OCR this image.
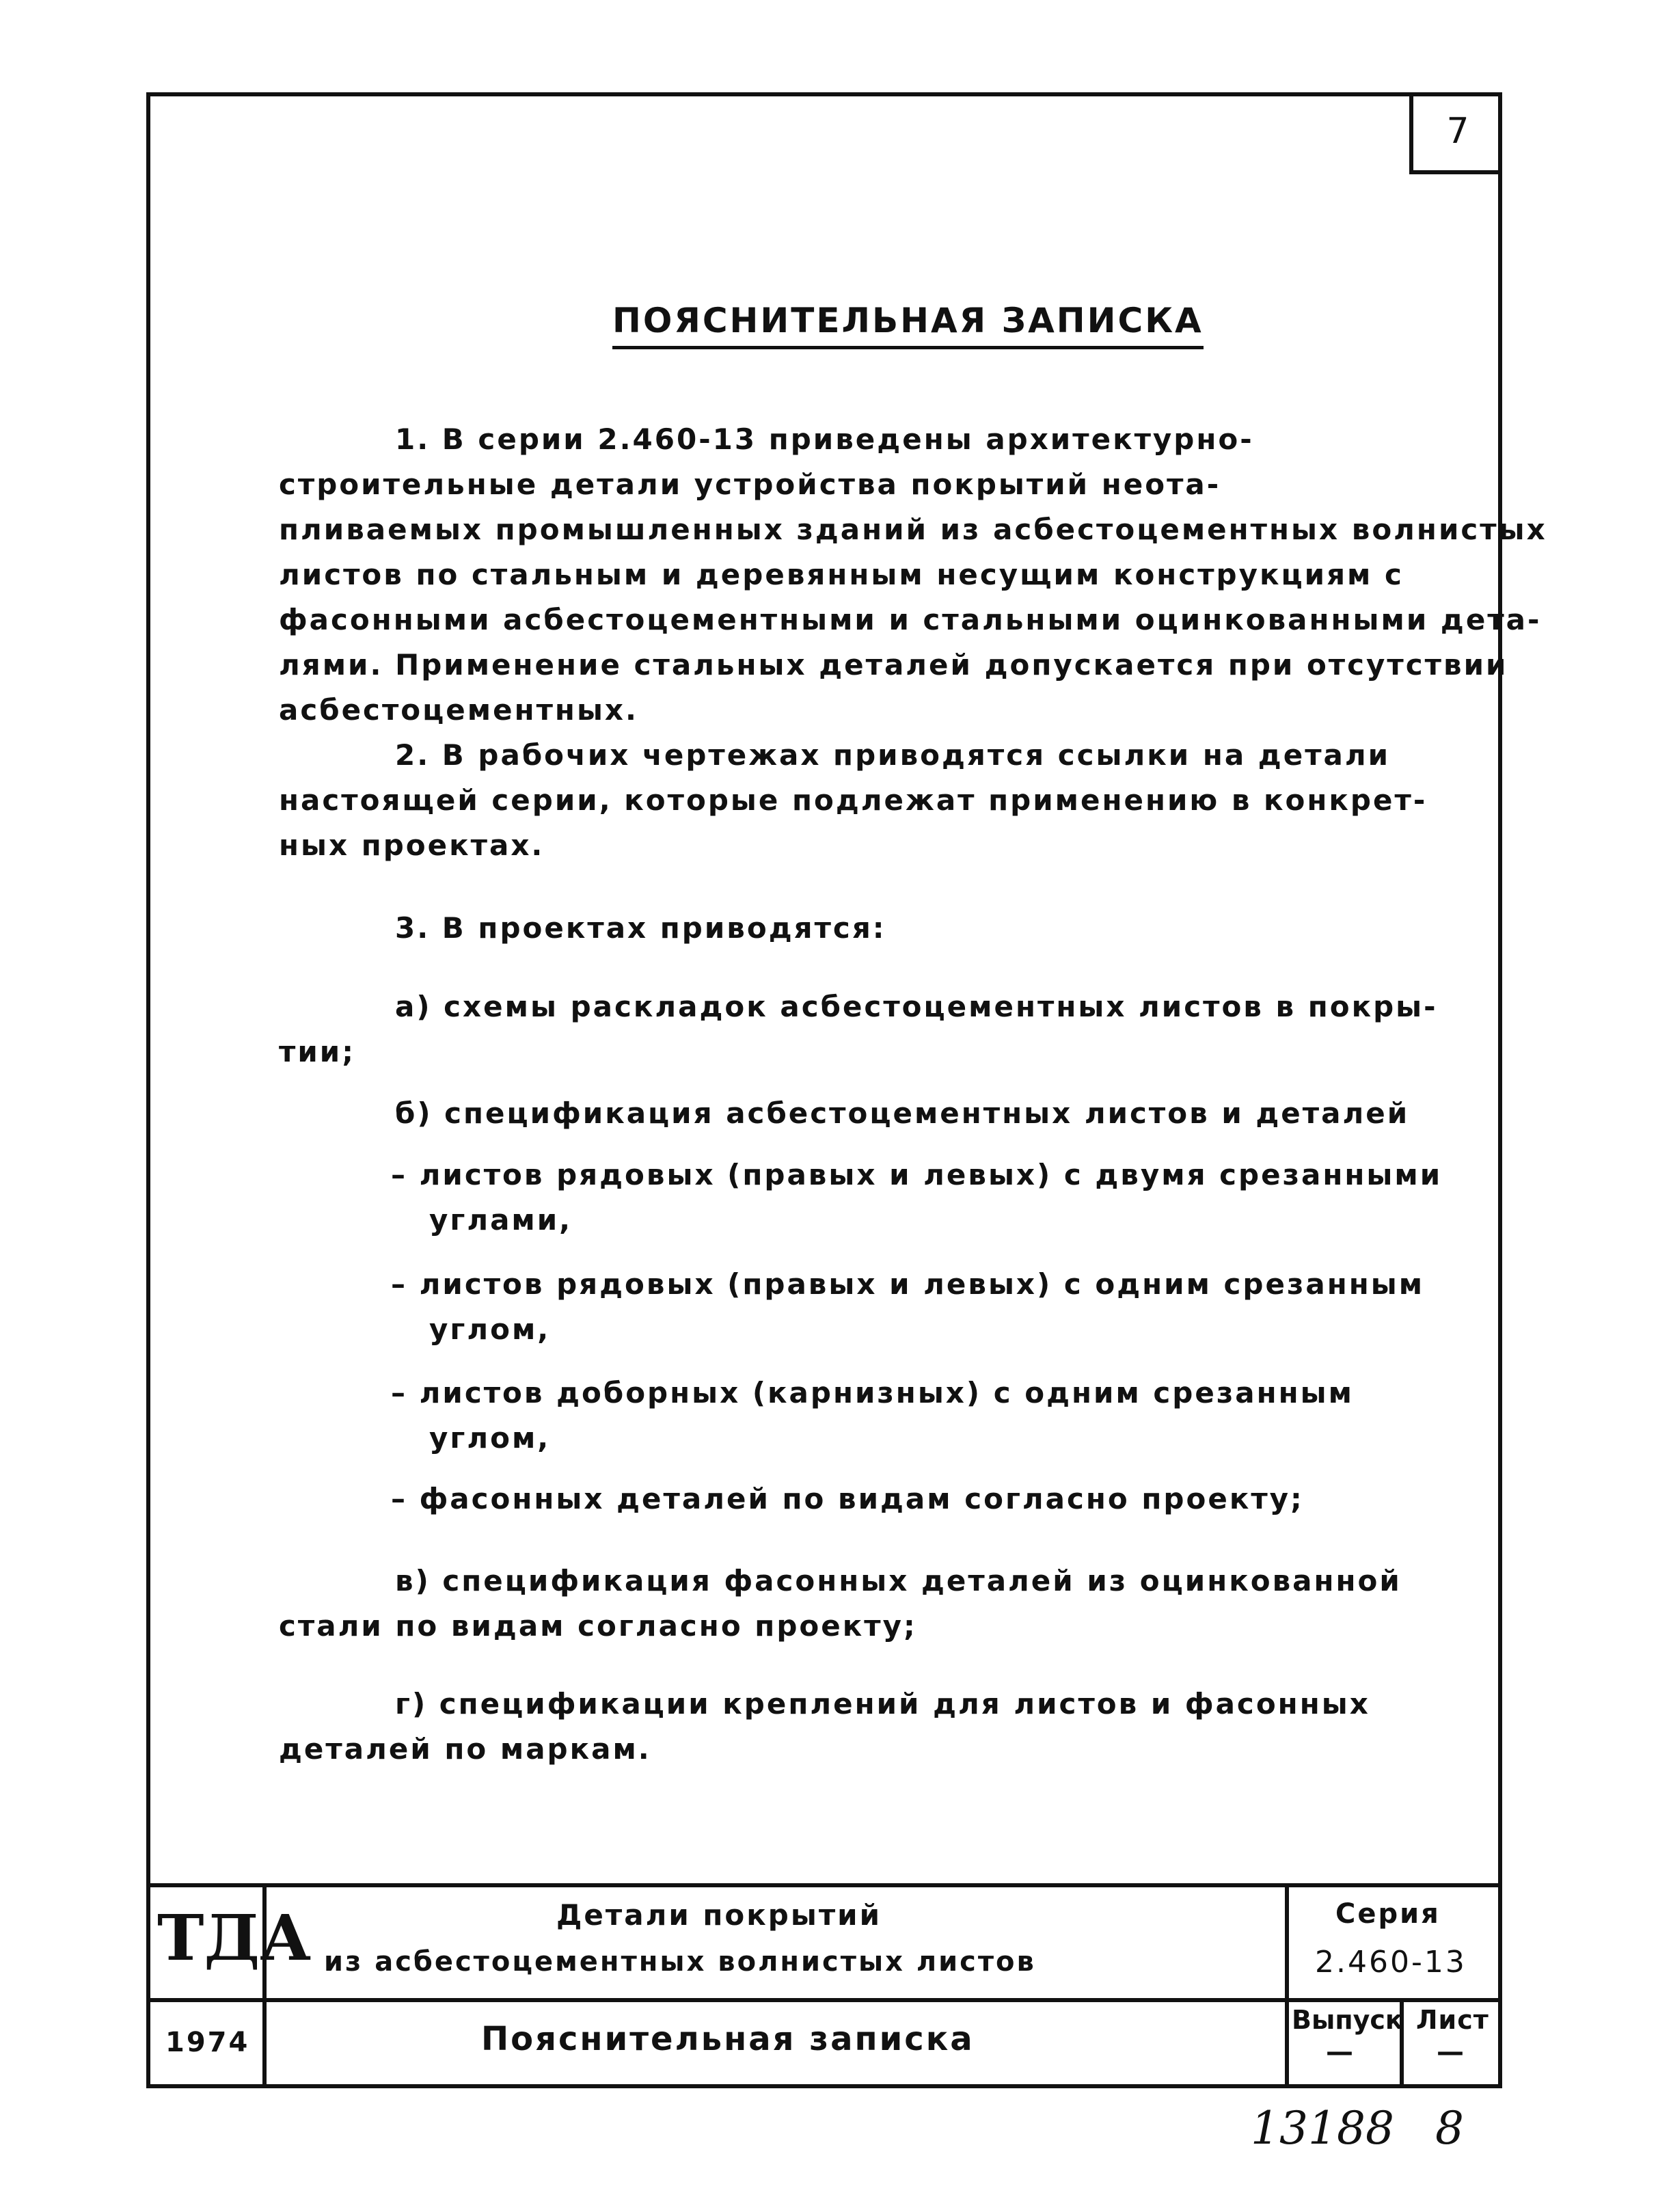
7
ПОЯСНИТЕЛЬНАЯ ЗАПИСКА
1. В серии 2.460-13 приведены архитектурно-
строительные детали устройства покрытий неота-
пливаемых промышленных зданий из асбестоцементных волнистых
листов по стальным и деревянным несущим конструкциям с
фасонными асбестоцементными и стальными оцинкованными дета-
лями. Применение стальных деталей допускается при отсутствии
асбестоцементных.
2. В рабочих чертежах приводятся ссылки на детали
настоящей серии, которые подлежат применению в конкрет-
ных проектах.
3. В проектах приводятся:
а) схемы раскладок асбестоцементных листов в покры-
тии;
б) спецификация асбестоцементных листов и деталей
– листов рядовых (правых и левых) с двумя срезанными
углами,
– листов рядовых (правых и левых) с одним срезанным
углом,
– листов доборных (карнизных) с одним срезанным
углом,
– фасонных деталей по видам согласно проекту;
в) спецификация фасонных деталей из оцинкованной
стали по видам согласно проекту;
г) спецификации креплений для листов и фасонных
деталей по маркам.
ТДА
1974
Детали покрытий
из асбестоцементных волнистых листов
Пояснительная записка
Серия
2.460-13
Выпуск
—
Лист
—
13188 8
